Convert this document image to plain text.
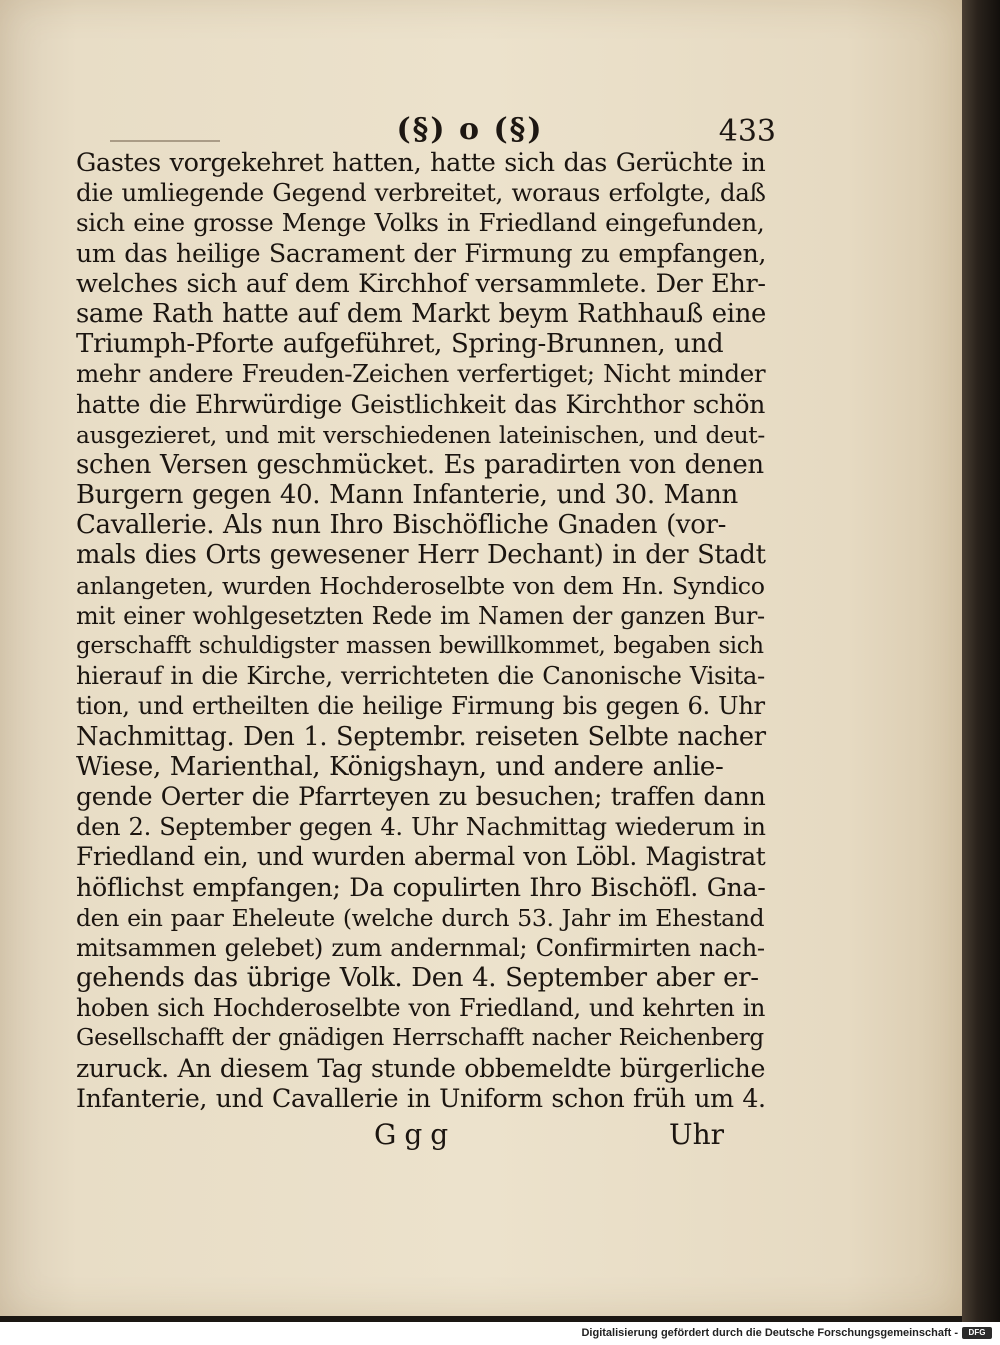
(§) o (§)	433
Gastes vorgekehret hatten, hatte sich das Gerüchte in
die umliegende Gegend verbreitet, woraus erfolgte, daß
sich eine grosse Menge Volks in Friedland eingefunden,
um das heilige Sacrament der Firmung zu empfangen,
welches sich auf dem Kirchhof versammlete. Der Ehr-
same Rath hatte auf dem Markt beym Rathhauß eine
Triumph-Pforte aufgeführet, Spring-Brunnen, und
mehr andere Freuden-Zeichen verfertiget; Nicht minder
hatte die Ehrwürdige Geistlichkeit das Kirchthor schön
ausgezieret, und mit verschiedenen lateinischen, und deut-
schen Versen geschmücket. Es paradirten von denen
Burgern gegen 40. Mann Infanterie, und 30. Mann
Cavallerie. Als nun Ihro Bischöfliche Gnaden (vor-
mals dies Orts gewesener Herr Dechant) in der Stadt
anlangeten, wurden Hochderoselbte von dem Hn. Syndico
mit einer wohlgesetzten Rede im Namen der ganzen Bur-
gerschafft schuldigster massen bewillkommet, begaben sich
hierauf in die Kirche, verrichteten die Canonische Visita-
tion, und ertheilten die heilige Firmung bis gegen 6. Uhr
Nachmittag. Den 1. Septembr. reiseten Selbte nacher
Wiese, Marienthal, Königshayn, und andere anlie-
gende Oerter die Pfarrteyen zu besuchen; traffen dann
den 2. September gegen 4. Uhr Nachmittag wiederum in
Friedland ein, und wurden abermal von Löbl. Magistrat
höflichst empfangen; Da copulirten Ihro Bischöfl. Gna-
den ein paar Eheleute (welche durch 53. Jahr im Ehestand
mitsammen gelebet) zum andernmal; Confirmirten nach-
gehends das übrige Volk. Den 4. September aber er-
hoben sich Hochderoselbte von Friedland, und kehrten in
Gesellschafft der gnädigen Herrschafft nacher Reichenberg
zuruck. An diesem Tag stunde obbemeldte bürgerliche
Infanterie, und Cavallerie in Uniform schon früh um 4.
Ggg	Uhr
Digitalisierung gefördert durch die Deutsche Forschungsgemeinschaft -	DFG
